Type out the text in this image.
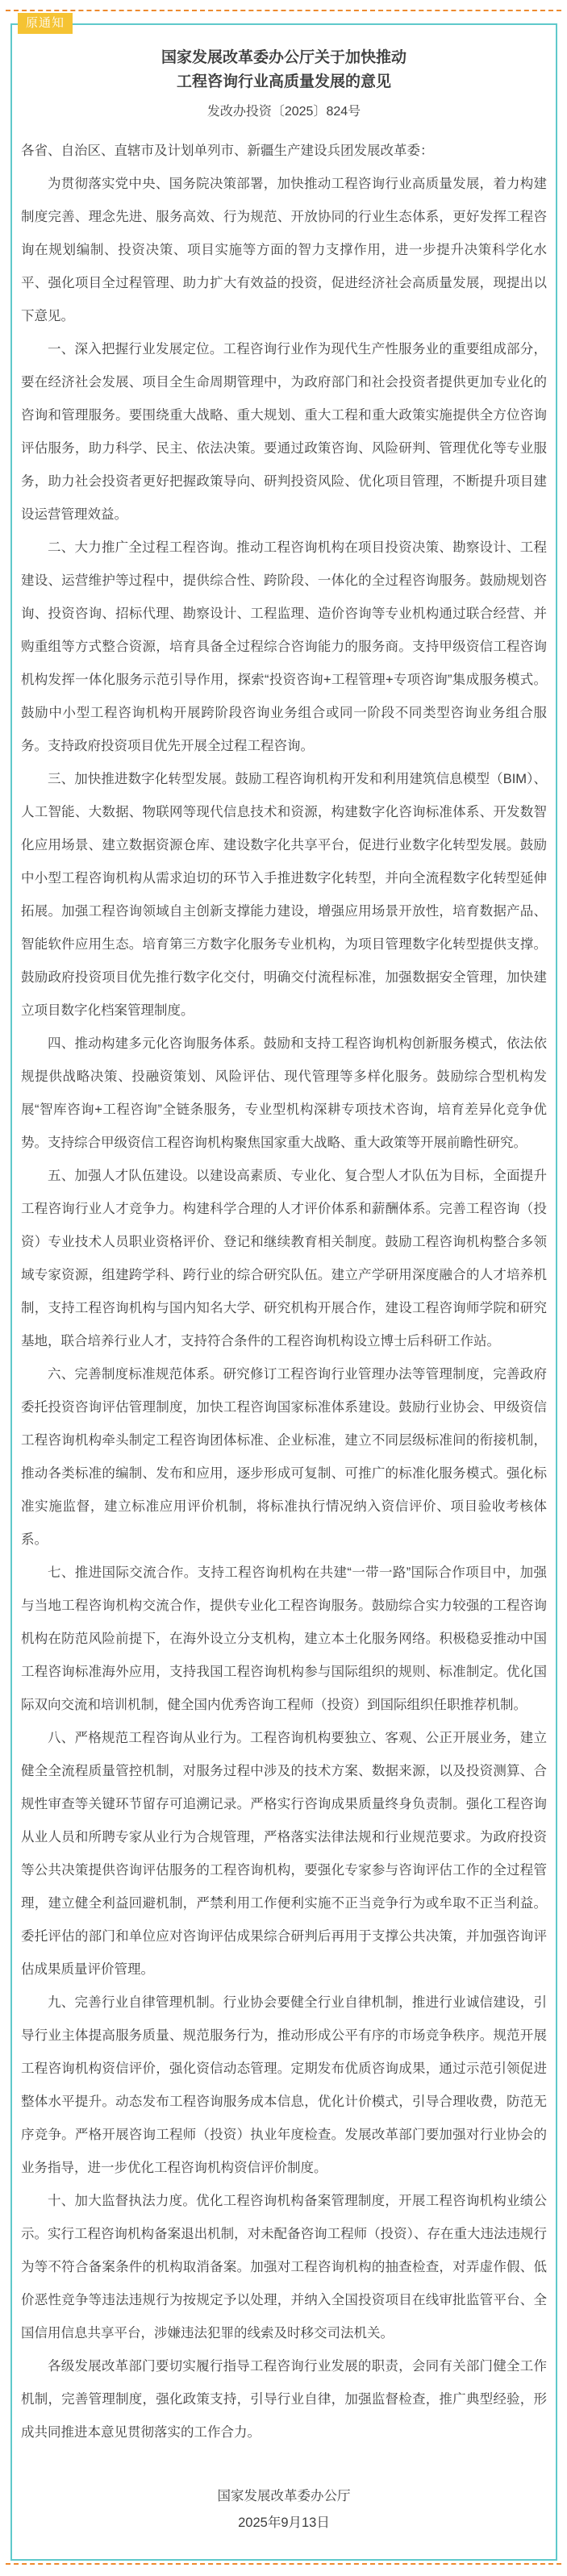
原通知
国家发展改革委办公厅关于加快推动
工程咨询行业高质量发展的意见
发改办投资〔2025〕824号

各省、自治区、直辖市及计划单列市、新疆生产建设兵团发展改革委：

为贯彻落实党中央、国务院决策部署，加快推动工程咨询行业高质量发展，着力构建制度完善、理念先进、服务高效、行为规范、开放协同的行业生态体系，更好发挥工程咨询在规划编制、投资决策、项目实施等方面的智力支撑作用，进一步提升决策科学化水平、强化项目全过程管理、助力扩大有效益的投资，促进经济社会高质量发展，现提出以下意见。

一、深入把握行业发展定位。工程咨询行业作为现代生产性服务业的重要组成部分，要在经济社会发展、项目全生命周期管理中，为政府部门和社会投资者提供更加专业化的咨询和管理服务。要围绕重大战略、重大规划、重大工程和重大政策实施提供全方位咨询评估服务，助力科学、民主、依法决策。要通过政策咨询、风险研判、管理优化等专业服务，助力社会投资者更好把握政策导向、研判投资风险、优化项目管理，不断提升项目建设运营管理效益。

二、大力推广全过程工程咨询。推动工程咨询机构在项目投资决策、勘察设计、工程建设、运营维护等过程中，提供综合性、跨阶段、一体化的全过程咨询服务。鼓励规划咨询、投资咨询、招标代理、勘察设计、工程监理、造价咨询等专业机构通过联合经营、并购重组等方式整合资源，培育具备全过程综合咨询能力的服务商。支持甲级资信工程咨询机构发挥一体化服务示范引导作用，探索“投资咨询+工程管理+专项咨询”集成服务模式。鼓励中小型工程咨询机构开展跨阶段咨询业务组合或同一阶段不同类型咨询业务组合服务。支持政府投资项目优先开展全过程工程咨询。

三、加快推进数字化转型发展。鼓励工程咨询机构开发和利用建筑信息模型（BIM）、人工智能、大数据、物联网等现代信息技术和资源，构建数字化咨询标准体系、开发数智化应用场景、建立数据资源仓库、建设数字化共享平台，促进行业数字化转型发展。鼓励中小型工程咨询机构从需求迫切的环节入手推进数字化转型，并向全流程数字化转型延伸拓展。加强工程咨询领域自主创新支撑能力建设，增强应用场景开放性，培育数据产品、智能软件应用生态。培育第三方数字化服务专业机构，为项目管理数字化转型提供支撑。鼓励政府投资项目优先推行数字化交付，明确交付流程标准，加强数据安全管理，加快建立项目数字化档案管理制度。

四、推动构建多元化咨询服务体系。鼓励和支持工程咨询机构创新服务模式，依法依规提供战略决策、投融资策划、风险评估、现代管理等多样化服务。鼓励综合型机构发展“智库咨询+工程咨询”全链条服务，专业型机构深耕专项技术咨询，培育差异化竞争优势。支持综合甲级资信工程咨询机构聚焦国家重大战略、重大政策等开展前瞻性研究。

五、加强人才队伍建设。以建设高素质、专业化、复合型人才队伍为目标，全面提升工程咨询行业人才竞争力。构建科学合理的人才评价体系和薪酬体系。完善工程咨询（投资）专业技术人员职业资格评价、登记和继续教育相关制度。鼓励工程咨询机构整合多领域专家资源，组建跨学科、跨行业的综合研究队伍。建立产学研用深度融合的人才培养机制，支持工程咨询机构与国内知名大学、研究机构开展合作，建设工程咨询师学院和研究基地，联合培养行业人才，支持符合条件的工程咨询机构设立博士后科研工作站。

六、完善制度标准规范体系。研究修订工程咨询行业管理办法等管理制度，完善政府委托投资咨询评估管理制度，加快工程咨询国家标准体系建设。鼓励行业协会、甲级资信工程咨询机构牵头制定工程咨询团体标准、企业标准，建立不同层级标准间的衔接机制，推动各类标准的编制、发布和应用，逐步形成可复制、可推广的标准化服务模式。强化标准实施监督，建立标准应用评价机制，将标准执行情况纳入资信评价、项目验收考核体系。

七、推进国际交流合作。支持工程咨询机构在共建“一带一路”国际合作项目中，加强与当地工程咨询机构交流合作，提供专业化工程咨询服务。鼓励综合实力较强的工程咨询机构在防范风险前提下，在海外设立分支机构，建立本土化服务网络。积极稳妥推动中国工程咨询标准海外应用，支持我国工程咨询机构参与国际组织的规则、标准制定。优化国际双向交流和培训机制，健全国内优秀咨询工程师（投资）到国际组织任职推荐机制。

八、严格规范工程咨询从业行为。工程咨询机构要独立、客观、公正开展业务，建立健全全流程质量管控机制，对服务过程中涉及的技术方案、数据来源，以及投资测算、合规性审查等关键环节留存可追溯记录。严格实行咨询成果质量终身负责制。强化工程咨询从业人员和所聘专家从业行为合规管理，严格落实法律法规和行业规范要求。为政府投资等公共决策提供咨询评估服务的工程咨询机构，要强化专家参与咨询评估工作的全过程管理，建立健全利益回避机制，严禁利用工作便利实施不正当竞争行为或牟取不正当利益。委托评估的部门和单位应对咨询评估成果综合研判后再用于支撑公共决策，并加强咨询评估成果质量评价管理。

九、完善行业自律管理机制。行业协会要健全行业自律机制，推进行业诚信建设，引导行业主体提高服务质量、规范服务行为，推动形成公平有序的市场竞争秩序。规范开展工程咨询机构资信评价，强化资信动态管理。定期发布优质咨询成果，通过示范引领促进整体水平提升。动态发布工程咨询服务成本信息，优化计价模式，引导合理收费，防范无序竞争。严格开展咨询工程师（投资）执业年度检查。发展改革部门要加强对行业协会的业务指导，进一步优化工程咨询机构资信评价制度。

十、加大监督执法力度。优化工程咨询机构备案管理制度，开展工程咨询机构业绩公示。实行工程咨询机构备案退出机制，对未配备咨询工程师（投资）、存在重大违法违规行为等不符合备案条件的机构取消备案。加强对工程咨询机构的抽查检查，对弄虚作假、低价恶性竞争等违法违规行为按规定予以处理，并纳入全国投资项目在线审批监管平台、全国信用信息共享平台，涉嫌违法犯罪的线索及时移交司法机关。

各级发展改革部门要切实履行指导工程咨询行业发展的职责，会同有关部门健全工作机制，完善管理制度，强化政策支持，引导行业自律，加强监督检查，推广典型经验，形成共同推进本意见贯彻落实的工作合力。

国家发展改革委办公厅
2025年9月13日
